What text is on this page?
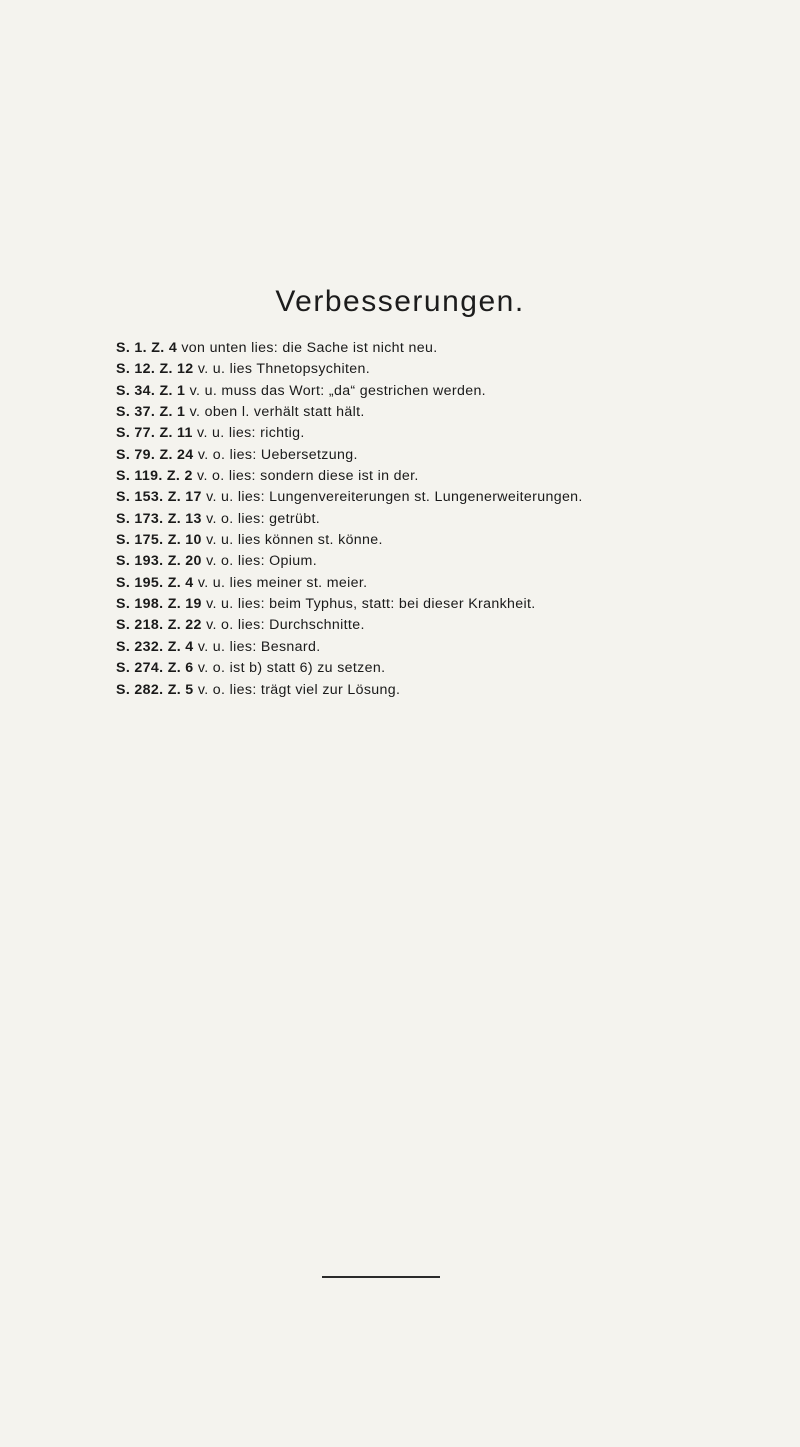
Verbesserungen.
S. 1. Z. 4 von unten lies: die Sache ist nicht neu.
S. 12. Z. 12 v. u. lies Thnetopsychiten.
S. 34. Z. 1 v. u. muss das Wort: „da“ gestrichen werden.
S. 37. Z. 1 v. oben l. verhält statt hält.
S. 77. Z. 11 v. u. lies: richtig.
S. 79. Z. 24 v. o. lies: Uebersetzung.
S. 119. Z. 2 v. o. lies: sondern diese ist in der.
S. 153. Z. 17 v. u. lies: Lungenvereiterungen st. Lungenerweiterungen.
S. 173. Z. 13 v. o. lies: getrübt.
S. 175. Z. 10 v. u. lies können st. könne.
S. 193. Z. 20 v. o. lies: Opium.
S. 195. Z. 4 v. u. lies meiner st. meier.
S. 198. Z. 19 v. u. lies: beim Typhus, statt: bei dieser Krankheit.
S. 218. Z. 22 v. o. lies: Durchschnitte.
S. 232. Z. 4 v. u. lies: Besnard.
S. 274. Z. 6 v. o. ist b) statt 6) zu setzen.
S. 282. Z. 5 v. o. lies: trägt viel zur Lösung.
